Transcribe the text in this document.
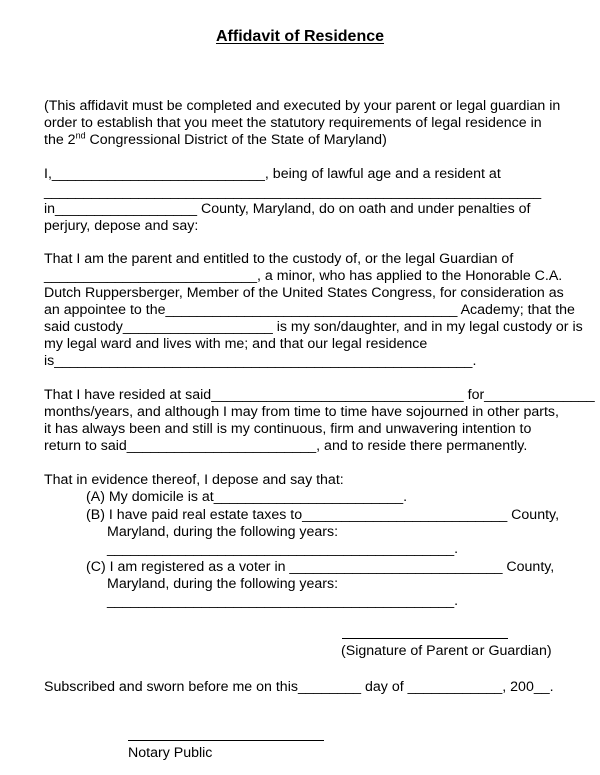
Affidavit of Residence
(This affidavit must be completed and executed by your parent or legal guardian in
order to establish that you meet the statutory requirements of legal residence in
the 2nd Congressional District of the State of Maryland)
I,___________________________, being of lawful age and a resident at
_______________________________________________________________
in__________________ County, Maryland, do on oath and under penalties of
perjury, depose and say:
That I am the parent and entitled to the custody of, or the legal Guardian of
___________________________, a minor, who has applied to the Honorable C.A.
Dutch Ruppersberger, Member of the United States Congress, for consideration as
an appointee to the_____________________________________ Academy; that the
said custody___________________ is my son/daughter, and in my legal custody or is
my legal ward and lives with me; and that our legal residence
is_____________________________________________________.
That I have resided at said________________________________ for______________
months/years, and although I may from time to time have sojourned in other parts,
it has always been and still is my continuous, firm and unwavering intention to
return to said________________________, and to reside there permanently.
That in evidence thereof, I depose and say that:
(A) My domicile is at________________________.
(B) I have paid real estate taxes to__________________________ County,
Maryland, during the following years:
____________________________________________.
(C) I am registered as a voter in ___________________________ County,
Maryland, during the following years:
____________________________________________.
(Signature of Parent or Guardian)
Subscribed and sworn before me on this________ day of ____________, 200__.
Notary Public
